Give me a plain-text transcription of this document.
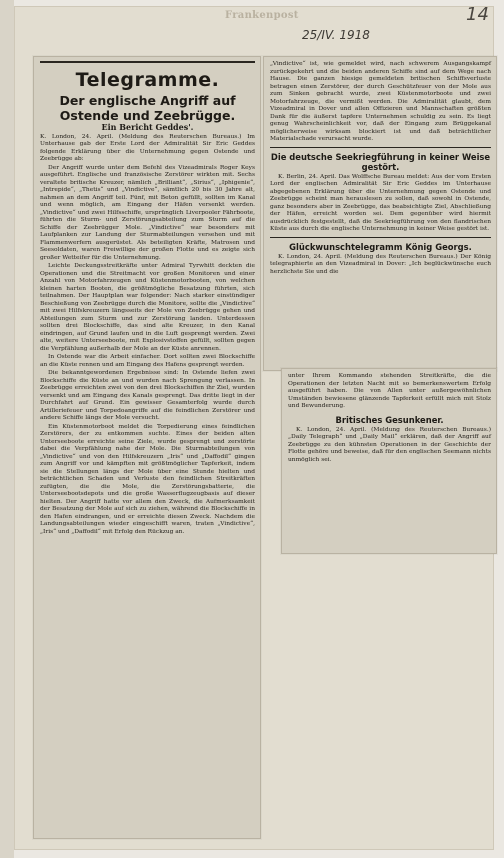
Frankenpost	14
25/IV. 1918
Telegramme.
Der englische Angriff auf Ostende und Zeebrügge.
Ein Bericht Geddes'.

K. London, 24. April. (Meldung des Reuterschen Bureaus.) Im Unterhause gab der Erste Lord der Admiralität Sir Eric Geddes folgende Erklärung über die Unternehmung gegen Ostende und Zeebrügge ab:

Der Angriff wurde unter dem Befehl des Vizeadmirals Roger Keys ausgeführt. Englische und französische Zerstörer wirkten mit. Sechs veraltete britische Kreuzer, nämlich „Brilliant“, „Sirius“, „Iphigenie“, „Intrepide“, „Thetis“ und „Vindictive“, sämtlich 20 bis 30 Jahre alt, nahmen an dem Angriff teil. Fünf, mit Beton gefüllt, sollten im Kanal und wenn möglich, am Eingang der Häfen versenkt werden. „Vindictive“ und zwei Hilfsschiffe, ursprünglich Liverpooler Fährboote, führten die Sturm- und Zerstörungsabteilung zum Sturm auf die Schiffe der Zeebrügger Mole. „Vindictive“ war besonders mit Laufplanken zur Landung der Sturmabteilungen versehen und mit Flammenwerfern ausgerüstet. Als beteiligten Kräfte, Matrosen und Seesoldaten, waren Freiwillige der großen Flotte und es zeigte sich großer Wetteifer für die Unternehmung.

Leichte Deckungsstreitkräfte unter Admiral Tyrwhitt deckten die Operationen und die Streitmacht vor großen Monitoren und einer Anzahl von Motorfahrzeugen und Küstenmotorbooten, von welchen kleinen harten Booten, die größtmögliche Besatzung führten, sich teilnahmen. Der Hauptplan war folgender: Nach starker einstündiger Beschießung von Zeebrügge durch die Monitore, sollte die „Vindictive“ mit zwei Hilfskreuzern längsseits der Mole von Zeebrügge gehen und Abteilungen zum Sturm und zur Zerstörung landen. Unterdessen sollten drei Blockschiffe, das sind alte Kreuzer, in den Kanal eindringen, auf Grund laufen und in die Luft gesprengt werden. Zwei alte, weitere Unterseeboote, mit Explosivstoffen gefüllt, sollten gegen die Verpfählung außerhalb der Mole an der Küste anrennen.

In Ostende war die Arbeit einfacher. Dort sollten zwei Blockschiffe an die Küste rennen und am Eingang des Hafens gesprengt werden.

Die bekanntgewordenen Ergebnisse sind: In Ostende liefen zwei Blockschiffe die Küste an und wurden nach Sprengung verlassen. In Zeebrügge erreichten zwei von den drei Blockschiffen ihr Ziel, wurden versenkt und am Eingang des Kanals gesprengt. Das dritte liegt in der Durchfahrt auf Grund. Ein gewisser Gesamterfolg wurde durch Artilleriefeuer und Torpedoangriffe auf die feindlichen Zerstörer und andere Schiffe längs der Mole versucht.

Ein Küstenmotorboot meldet die Torpedierung eines feindlichen Zerstörers, der zu entkommen suchte. Eines der beiden alten Unterseeboote erreichte seine Ziele, wurde gesprengt und zerstörte dabei die Verpfählung nahe der Mole. Die Sturmabteilungen von „Vindictive“ und von den Hilfskreuzern „Iris“ und „Daffodil“ gingen zum Angriff vor und kämpften mit größtmöglicher Tapferkeit, indem sie die Stellungen längs der Mole über eine Stunde hielten und beträchtlichen Schaden und Verluste den feindlichen Streitkräften zufügten, die die Mole, die Zerstörungsbatterie, die Unterseebootsdepots und die große Wasserflugzeugbasis auf dieser hielten. Der Angriff hatte vor allem den Zweck, die Aufmerksamkeit der Besatzung der Mole auf sich zu ziehen, während die Blockschiffe in den Hafen eindrangen, und er erreichte diesen Zweck. Nachdem die Landungsabteilungen wieder eingeschifft waren, traten „Vindictive“, „Iris“ und „Daffodil“ mit Erfolg den Rückzug an.

„Vindictive“ ist, wie gemeldet wird, nach schwerem Ausgangskampf zurückgekehrt und die beiden anderen Schiffe sind auf dem Wege nach Hause. Die ganzen hiesige gemeldeten britischen Schiffsverluste betragen einen Zerstörer, der durch Geschützfeuer von der Mole aus zum Sinken gebracht wurde, zwei Küstenmotorboote und zwei Motorfahrzeuge, die vermißt werden. Die Admiralität glaubt, dem Vizeadmiral in Dover und allen Offizieren und Mannschaften größten Dank für die äußerst tapfere Unternehmen schuldig zu sein. Es liegt genug Wahrscheinlichkeit vor, daß der Eingang zum Brüggekanal möglicherweise wirksam blockiert ist und daß beträchtlicher Materialschade verursacht wurde.

Die deutsche Seekriegführung in keiner Weise gestört.

K. Berlin, 24. April. Das Wolffsche Bureau meldet: Aus der vom Ersten Lord der englischen Admiralität Sir Eric Geddes im Unterhause abgegebenen Erklärung über die Unternehmung gegen Ostende und Zeebrügge scheint man herauslesen zu sollen, daß sowohl in Ostende, ganz besonders aber in Zeebrügge, das beabsichtigte Ziel, Abschließung der Häfen, erreicht worden sei. Dem gegenüber wird hiermit ausdrücklich festgestellt, daß die Seekriegführung von den flandrischen Küste aus durch die englische Unternehmung in keiner Weise gestört ist.

Glückwunschtelegramm König Georgs.

K. London, 24. April. (Meldung des Reuterschen Bureaus.) Der König telegraphierte an den Vizeadmiral in Dover: „Ich beglückwünsche euch herzlichste Sie und die

unter Ihrem Kommando stehenden Streitkräfte, die die Operationen der letzten Nacht mit so bemerkenswertem Erfolg ausgeführt haben. Die von Allen unter außergewöhnlichen Umständen bewiesene glänzende Tapferkeit erfüllt mich mit Stolz und Bewunderung.

Britisches Gesunkener.

K. London, 24. April. (Meldung des Reuterschen Bureaus.) „Daily Telegraph“ und „Daily Mail“ erklären, daß der Angriff auf Zeebrügge zu den kühnsten Operationen in der Geschichte der Flotte gehöre und beweise, daß für den englischen Seemann nichts unmöglich sei.
